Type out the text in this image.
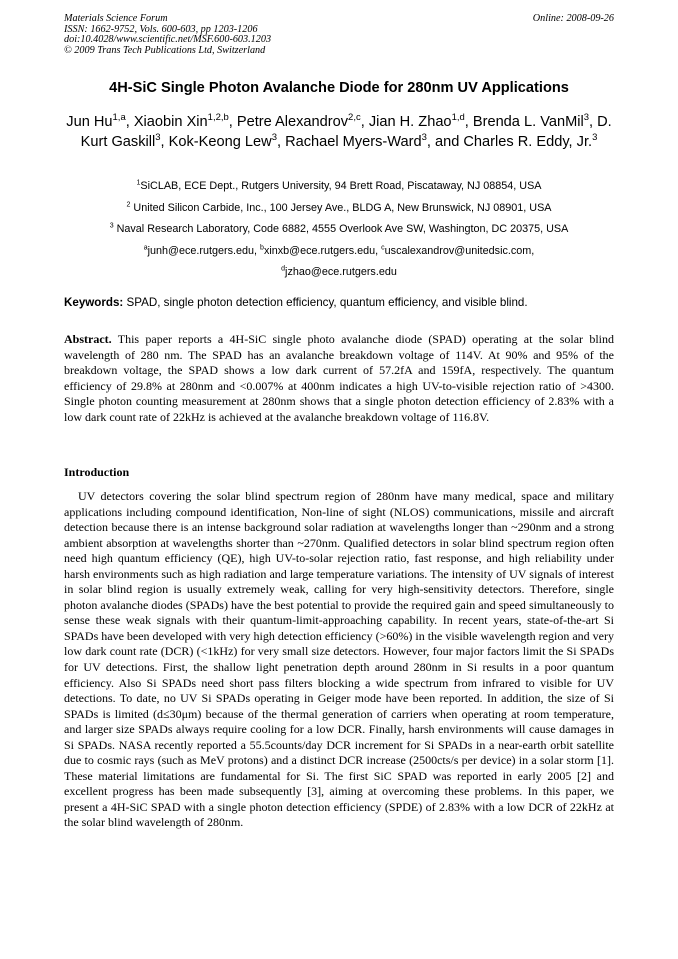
Materials Science Forum
ISSN: 1662-9752, Vols. 600-603, pp 1203-1206
doi:10.4028/www.scientific.net/MSF.600-603.1203
© 2009 Trans Tech Publications Ltd, Switzerland
Online: 2008-09-26
4H-SiC Single Photon Avalanche Diode for 280nm UV Applications
Jun Hu$^{1,a}$, Xiaobin Xin$^{1,2,b}$, Petre Alexandrov$^{2,c}$, Jian H. Zhao$^{1,d}$, Brenda L. VanMil$^3$, D. Kurt Gaskill$^3$, Kok-Keong Lew$^3$, Rachael Myers-Ward$^3$, and Charles R. Eddy, Jr.$^3$
$^1$SiCLAB, ECE Dept., Rutgers University, 94 Brett Road, Piscataway, NJ 08854, USA
$^2$ United Silicon Carbide, Inc., 100 Jersey Ave., BLDG A, New Brunswick, NJ 08901, USA
$^3$ Naval Research Laboratory, Code 6882, 4555 Overlook Ave SW, Washington, DC 20375, USA
$^a$junh@ece.rutgers.edu, $^b$xinxb@ece.rutgers.edu, $^c$uscalexandrov@unitedsic.com,
$^d$jzhao@ece.rutgers.edu
Keywords: SPAD, single photon detection efficiency, quantum efficiency, and visible blind.
Abstract. This paper reports a 4H-SiC single photo avalanche diode (SPAD) operating at the solar blind wavelength of 280 nm. The SPAD has an avalanche breakdown voltage of 114V. At 90% and 95% of the breakdown voltage, the SPAD shows a low dark current of 57.2fA and 159fA, respectively. The quantum efficiency of 29.8% at 280nm and <0.007% at 400nm indicates a high UV-to-visible rejection ratio of >4300. Single photon counting measurement at 280nm shows that a single photon detection efficiency of 2.83% with a low dark count rate of 22kHz is achieved at the avalanche breakdown voltage of 116.8V.
Introduction
UV detectors covering the solar blind spectrum region of 280nm have many medical, space and military applications including compound identification, Non-line of sight (NLOS) communications, missile and aircraft detection because there is an intense background solar radiation at wavelengths longer than ~290nm and a strong ambient absorption at wavelengths shorter than ~270nm. Qualified detectors in solar blind spectrum region often need high quantum efficiency (QE), high UV-to-solar rejection ratio, fast response, and high reliability under harsh environments such as high radiation and large temperature variations. The intensity of UV signals of interest in solar blind region is usually extremely weak, calling for very high-sensitivity detectors. Therefore, single photon avalanche diodes (SPADs) have the best potential to provide the required gain and speed simultaneously to sense these weak signals with their quantum-limit-approaching capability. In recent years, state-of-the-art Si SPADs have been developed with very high detection efficiency (>60%) in the visible wavelength region and very low dark count rate (DCR) (<1kHz) for very small size detectors. However, four major factors limit the Si SPADs for UV detections. First, the shallow light penetration depth around 280nm in Si results in a poor quantum efficiency. Also Si SPADs need short pass filters blocking a wide spectrum from infrared to visible for UV detections. To date, no UV Si SPADs operating in Geiger mode have been reported. In addition, the size of Si SPADs is limited (d≤30μm) because of the thermal generation of carriers when operating at room temperature, and larger size SPADs always require cooling for a low DCR. Finally, harsh environments will cause damages in Si SPADs. NASA recently reported a 55.5counts/day DCR increment for Si SPADs in a near-earth orbit satellite due to cosmic rays (such as MeV protons) and a distinct DCR increase (2500cts/s per device) in a solar storm [1]. These material limitations are fundamental for Si. The first SiC SPAD was reported in early 2005 [2] and excellent progress has been made subsequently [3], aiming at overcoming these problems. In this paper, we present a 4H-SiC SPAD with a single photon detection efficiency (SPDE) of 2.83% with a low DCR of 22kHz at the solar blind wavelength of 280nm.
